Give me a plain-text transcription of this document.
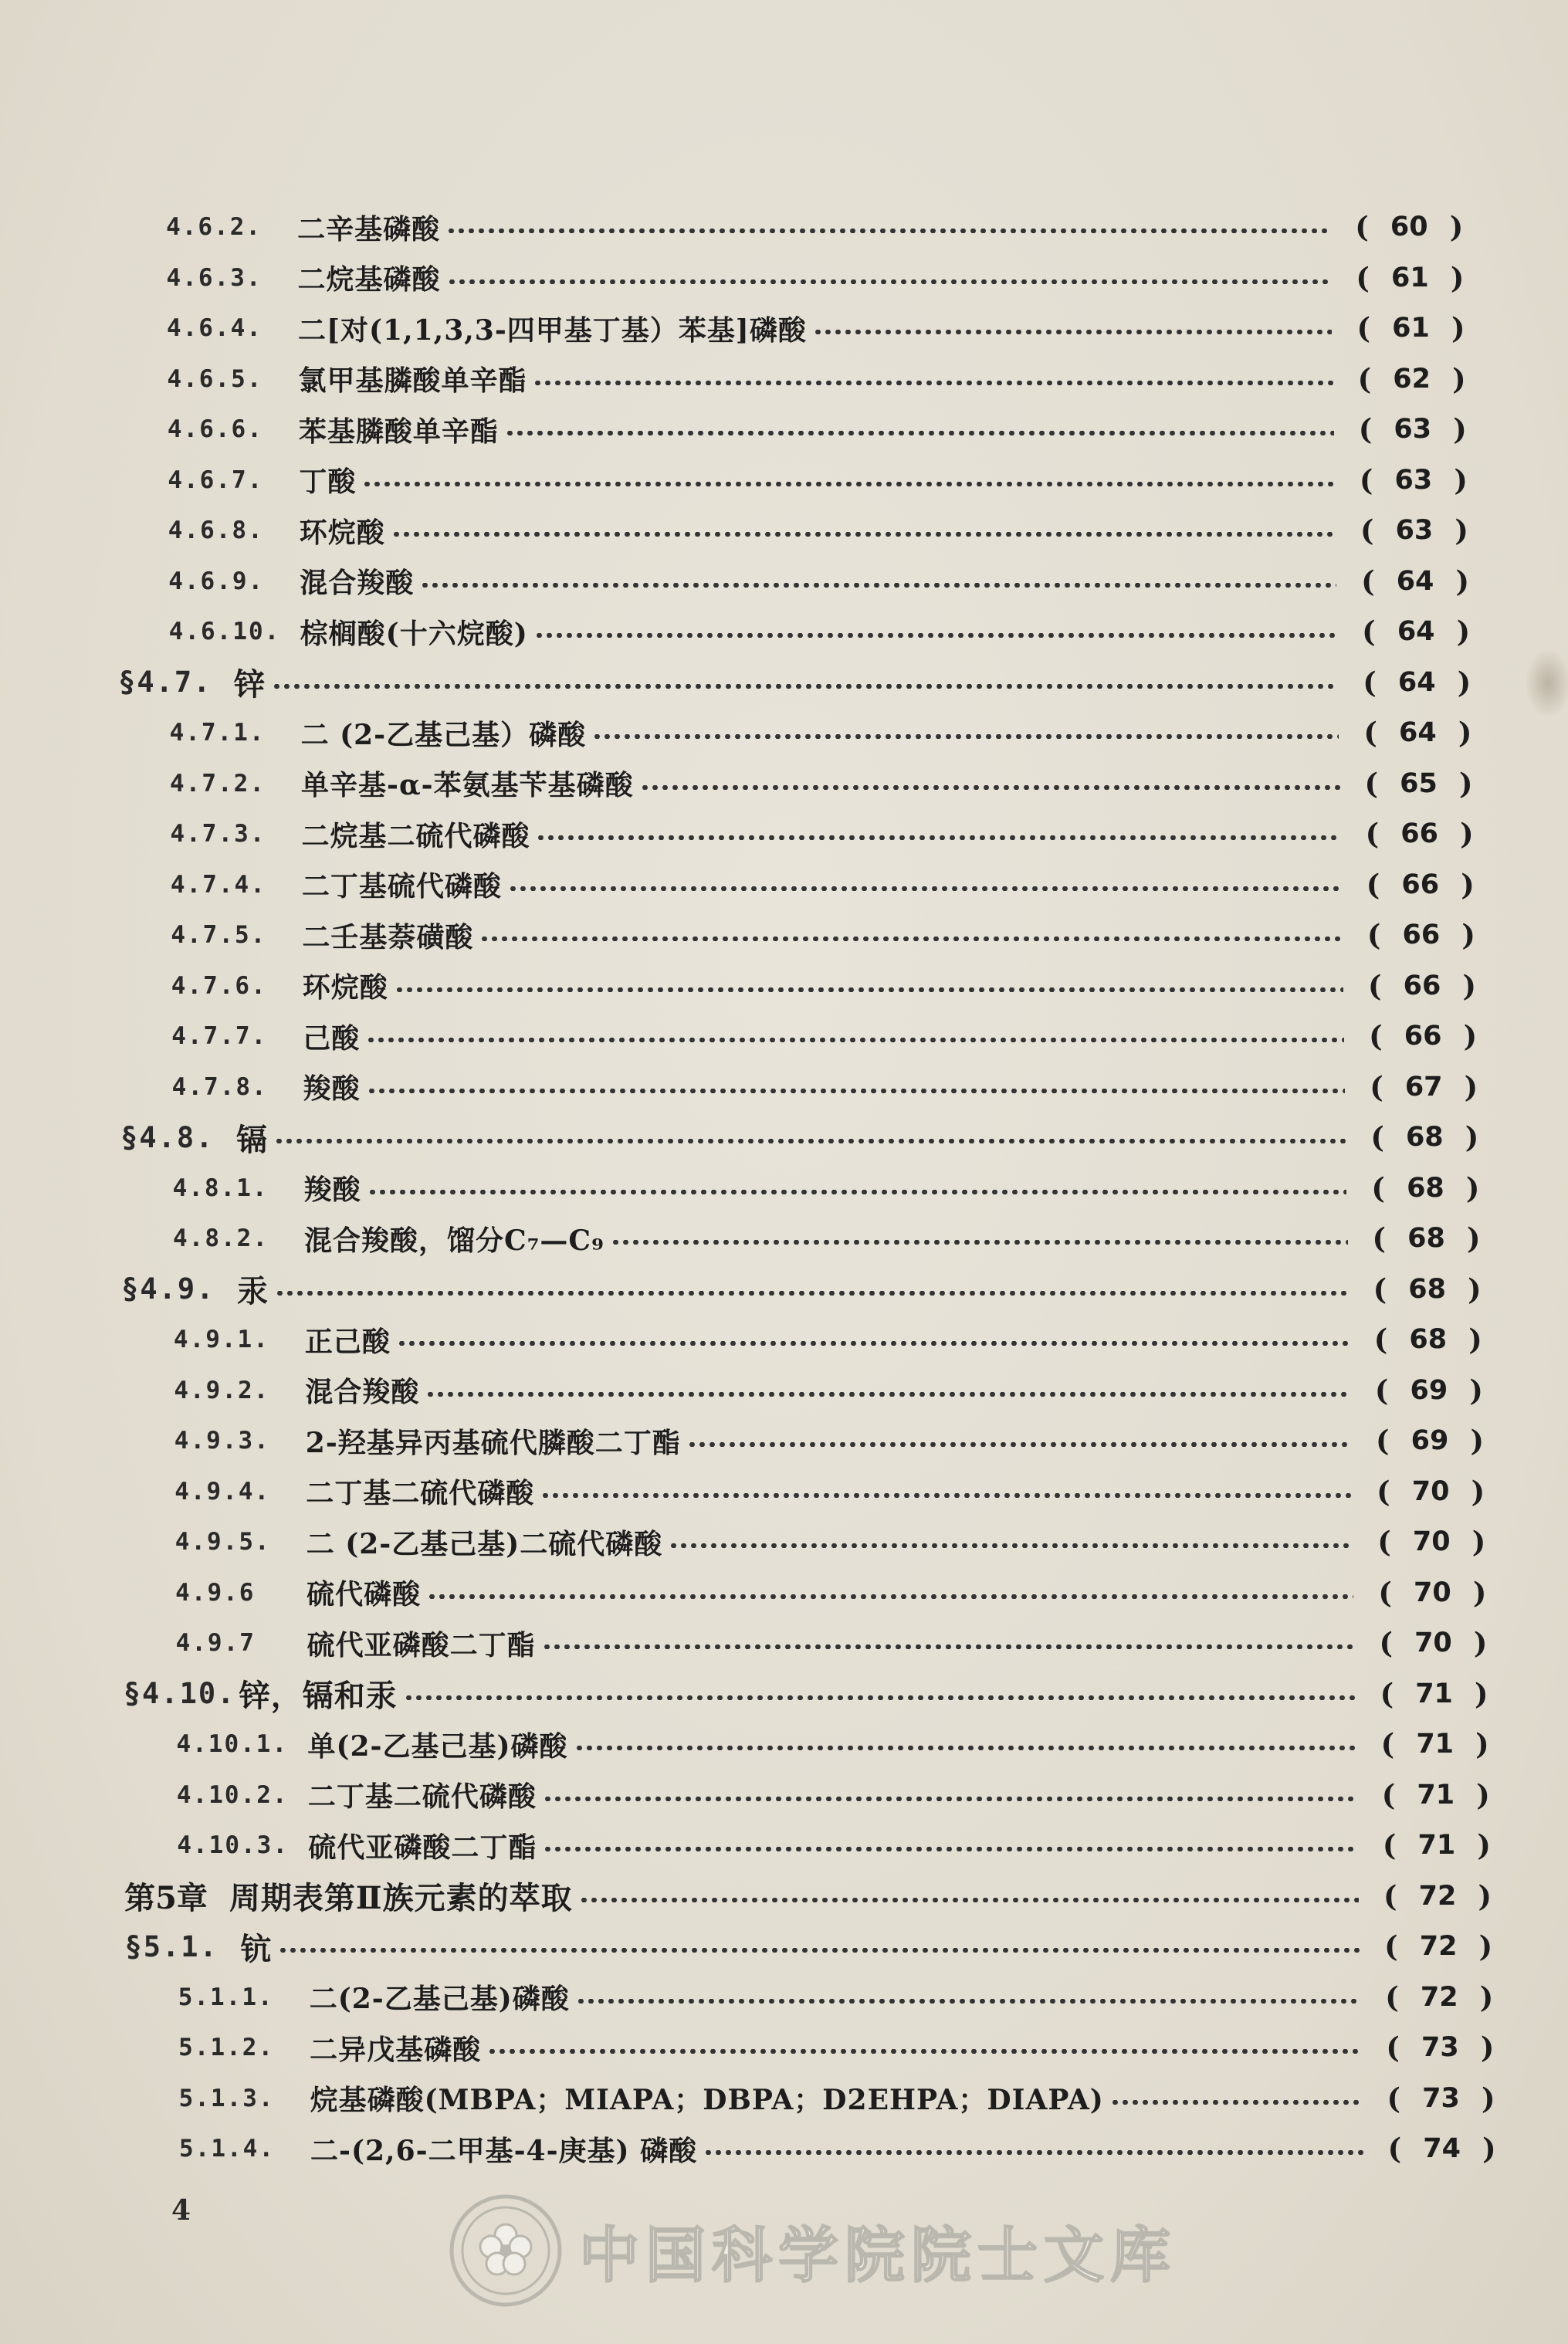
4.6.2.	二辛基磷酸	( 60 )
4.6.3.	二烷基磷酸	( 61 )
4.6.4.	二[对(1,1,3,3-四甲基丁基）苯基]磷酸	( 61 )
4.6.5.	氯甲基膦酸单辛酯	( 62 )
4.6.6.	苯基膦酸单辛酯	( 63 )
4.6.7.	丁酸	( 63 )
4.6.8.	环烷酸	( 63 )
4.6.9.	混合羧酸	( 64 )
4.6.10. 棕榈酸(十六烷酸)	( 64 )
§4.7. 锌	( 64 )
4.7.1.	二 (2-乙基己基）磷酸	( 64 )
4.7.2.	单辛基-α-苯氨基苄基磷酸	( 65 )
4.7.3.	二烷基二硫代磷酸	( 66 )
4.7.4.	二丁基硫代磷酸	( 66 )
4.7.5.	二壬基萘磺酸	( 66 )
4.7.6.	环烷酸	( 66 )
4.7.7.	己酸	( 66 )
4.7.8.	羧酸	( 67 )
§4.8. 镉	( 68 )
4.8.1.	羧酸	( 68 )
4.8.2.	混合羧酸，馏分C₇—C₉	( 68 )
§4.9. 汞	( 68 )
4.9.1.	正己酸	( 68 )
4.9.2.	混合羧酸	( 69 )
4.9.3.	2-羟基异丙基硫代膦酸二丁酯	( 69 )
4.9.4.	二丁基二硫代磷酸	( 70 )
4.9.5.	二 (2-乙基己基)二硫代磷酸	( 70 )
4.9.6	硫代磷酸	( 70 )
4.9.7	硫代亚磷酸二丁酯	( 70 )
§4.10. 锌，镉和汞	( 71 )
4.10.1. 单(2-乙基己基)磷酸	( 71 )
4.10.2. 二丁基二硫代磷酸	( 71 )
4.10.3. 硫代亚磷酸二丁酯	( 71 )
第5章 周期表第Ⅱ族元素的萃取	( 72 )
§5.1. 钪	( 72 )
5.1.1.	二(2-乙基己基)磷酸	( 72 )
5.1.2.	二异戊基磷酸	( 73 )
5.1.3.	烷基磷酸(MBPA；MIAPA；DBPA；D2EHPA；DIAPA)	( 73 )
5.1.4.	二-(2,6-二甲基-4-庚基) 磷酸	( 74 )
4
中国科学院院士文库
